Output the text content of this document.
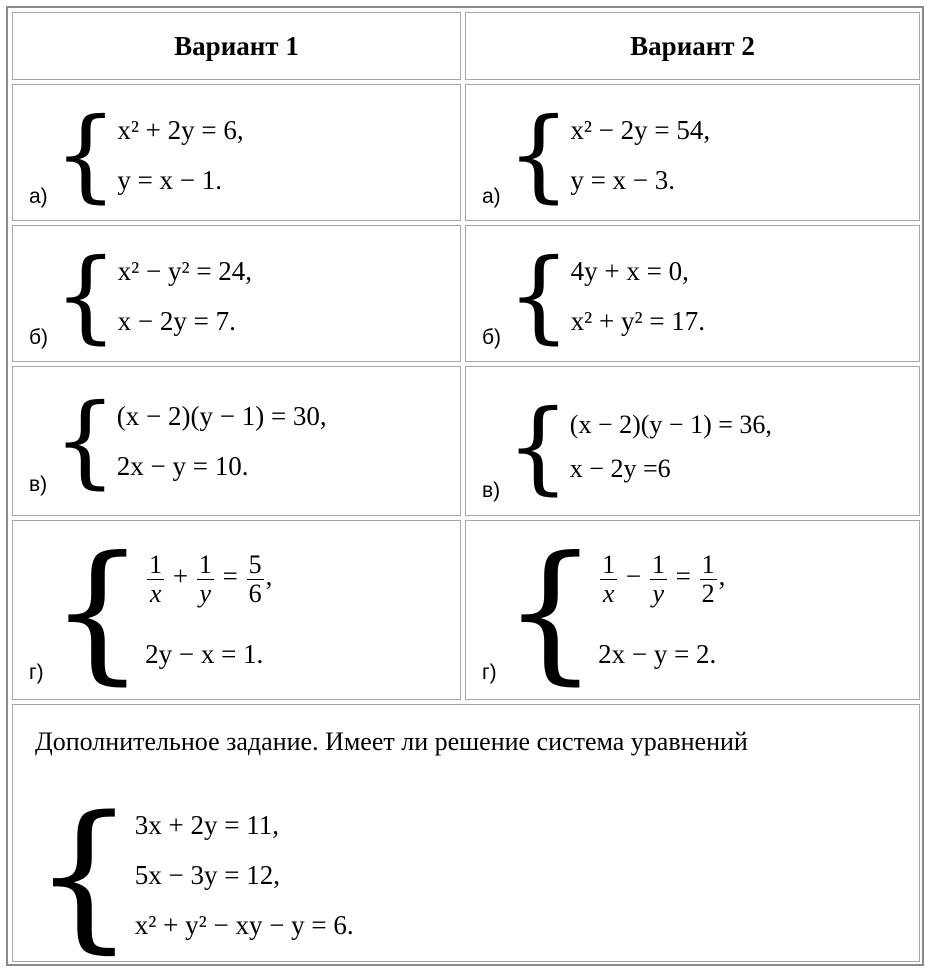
Вариант 1	Вариант 2
а) { x² + 2y = 6,
y = x − 1.
а) { x² − 2y = 54,
y = x − 3.
б) { x² − y² = 24,
x − 2y = 7.
б) { 4y + x = 0,
x² + y² = 17.
в) { (x − 2)(y − 1) = 30,
2x − y = 10.
в) { (x − 2)(y − 1) = 36,
x − 2y =6
г) { $\frac{1}{x} + \frac{1}{y} = \frac{5}{6}$ ,
2y − x = 1.
г) { $\frac{1}{x} - \frac{1}{y} = \frac{1}{2}$ ,
2x − y = 2.
Дополнительное задание. Имеет ли решение система уравнений
{ 3x + 2y = 11,
5x − 3y = 12,
x² + y² − xy − y = 6.
